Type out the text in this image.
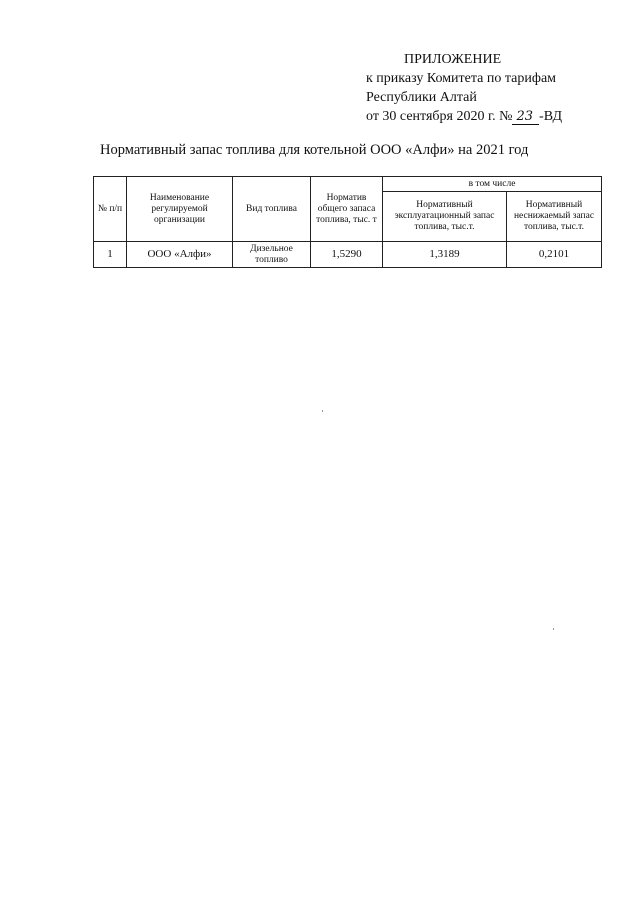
ПРИЛОЖЕНИЕ
к приказу Комитета по тарифам
Республики Алтай
от 30 сентября 2020 г. № 23 -ВД
Нормативный запас топлива для котельной ООО «Алфи» на 2021 год
№ п/п	Наименование регулируемой организации	Вид топлива	Норматив общего запаса топлива, тыс. т	в том числе	
				Нормативный эксплуатационный запас топлива, тыс.т.	Нормативный неснижаемый запас топлива, тыс.т.
1	ООО «Алфи»	Дизельное топливо	1,5290	1,3189	0,2101
